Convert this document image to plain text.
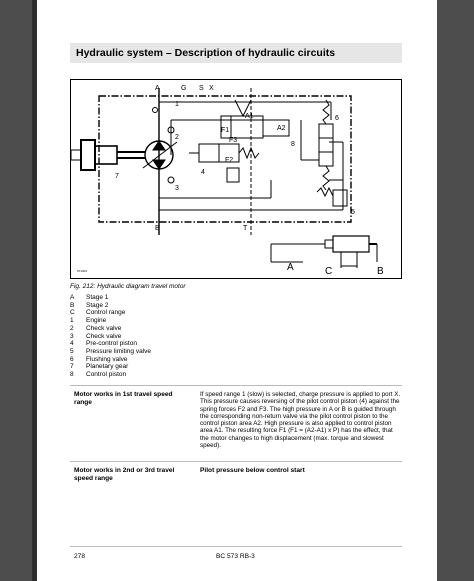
Hydraulic system – Description of hydraulic circuits
A	G S X
B	T
A1
A2
F1
F3
F2
1
2
3
4
5
6
7
8
A	C	B
071004
Fig. 212: Hydraulic diagram travel motor
A	Stage 1
B	Stage 2
C	Control range
1	Engine
2	Check valve
3	Check valve
4	Pre-control piston
5	Pressure limiting valve
6	Flushing valve
7	Planetary gear
8	Control piston
Motor works in 1st travel speed range
If speed range 1 (slow) is selected, charge pressure is applied to port X. This pressure causes reversing of the pilot control piston (4) against the spring forces F2 and F3. The high pressure in A or B is guided through the corresponding non-return valve via the pilot control piston to the control piston area A2. High pressure is also applied to control piston area A1. The resulting force F1 (F1 = (A2-A1) x P) has the effect, that the motor changes to high displacement (max. torque and slowest speed).
Motor works in 2nd or 3rd travel speed range
Pilot pressure below control start
278	BC 573 RB-3
